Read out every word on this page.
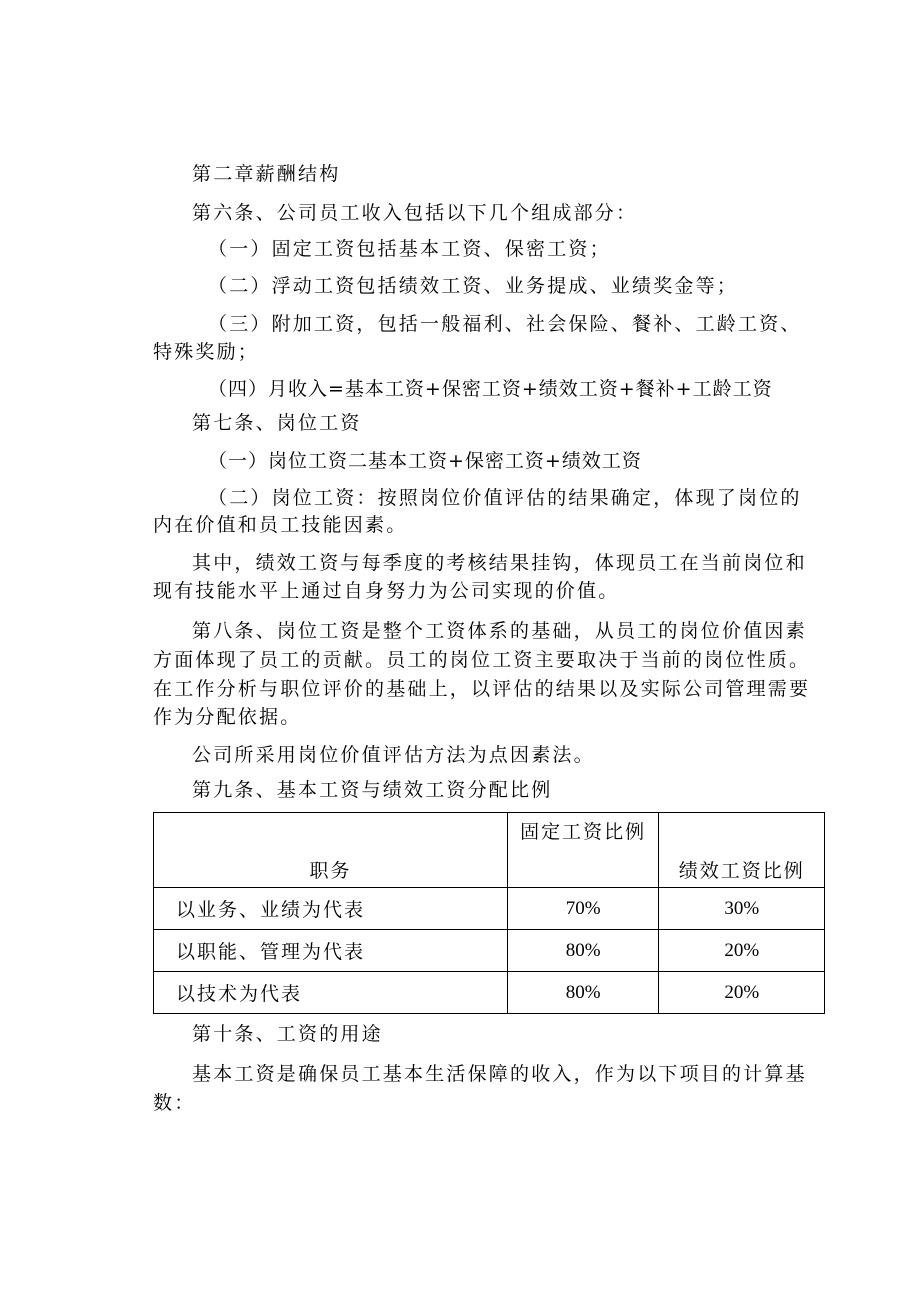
第二章薪酬结构
第六条、公司员工收入包括以下几个组成部分：
（一）固定工资包括基本工资、保密工资；
（二）浮动工资包括绩效工资、业务提成、业绩奖金等；
（三）附加工资，包括一般福利、社会保险、餐补、工龄工资、
特殊奖励；
（四）月收入=基本工资+保密工资+绩效工资+餐补+工龄工资
第七条、岗位工资
（一）岗位工资二基本工资+保密工资+绩效工资
（二）岗位工资：按照岗位价值评估的结果确定，体现了岗位的
内在价值和员工技能因素。
其中，绩效工资与每季度的考核结果挂钩，体现员工在当前岗位和
现有技能水平上通过自身努力为公司实现的价值。
第八条、岗位工资是整个工资体系的基础，从员工的岗位价值因素
方面体现了员工的贡献。员工的岗位工资主要取决于当前的岗位性质。
在工作分析与职位评价的基础上，以评估的结果以及实际公司管理需要
作为分配依据。
公司所采用岗位价值评估方法为点因素法。
第九条、基本工资与绩效工资分配比例
职务	固定工资比例	绩效工资比例
以业务、业绩为代表	70%	30%
以职能、管理为代表	80%	20%
以技术为代表	80%	20%
第十条、工资的用途
基本工资是确保员工基本生活保障的收入，作为以下项目的计算基
数：
